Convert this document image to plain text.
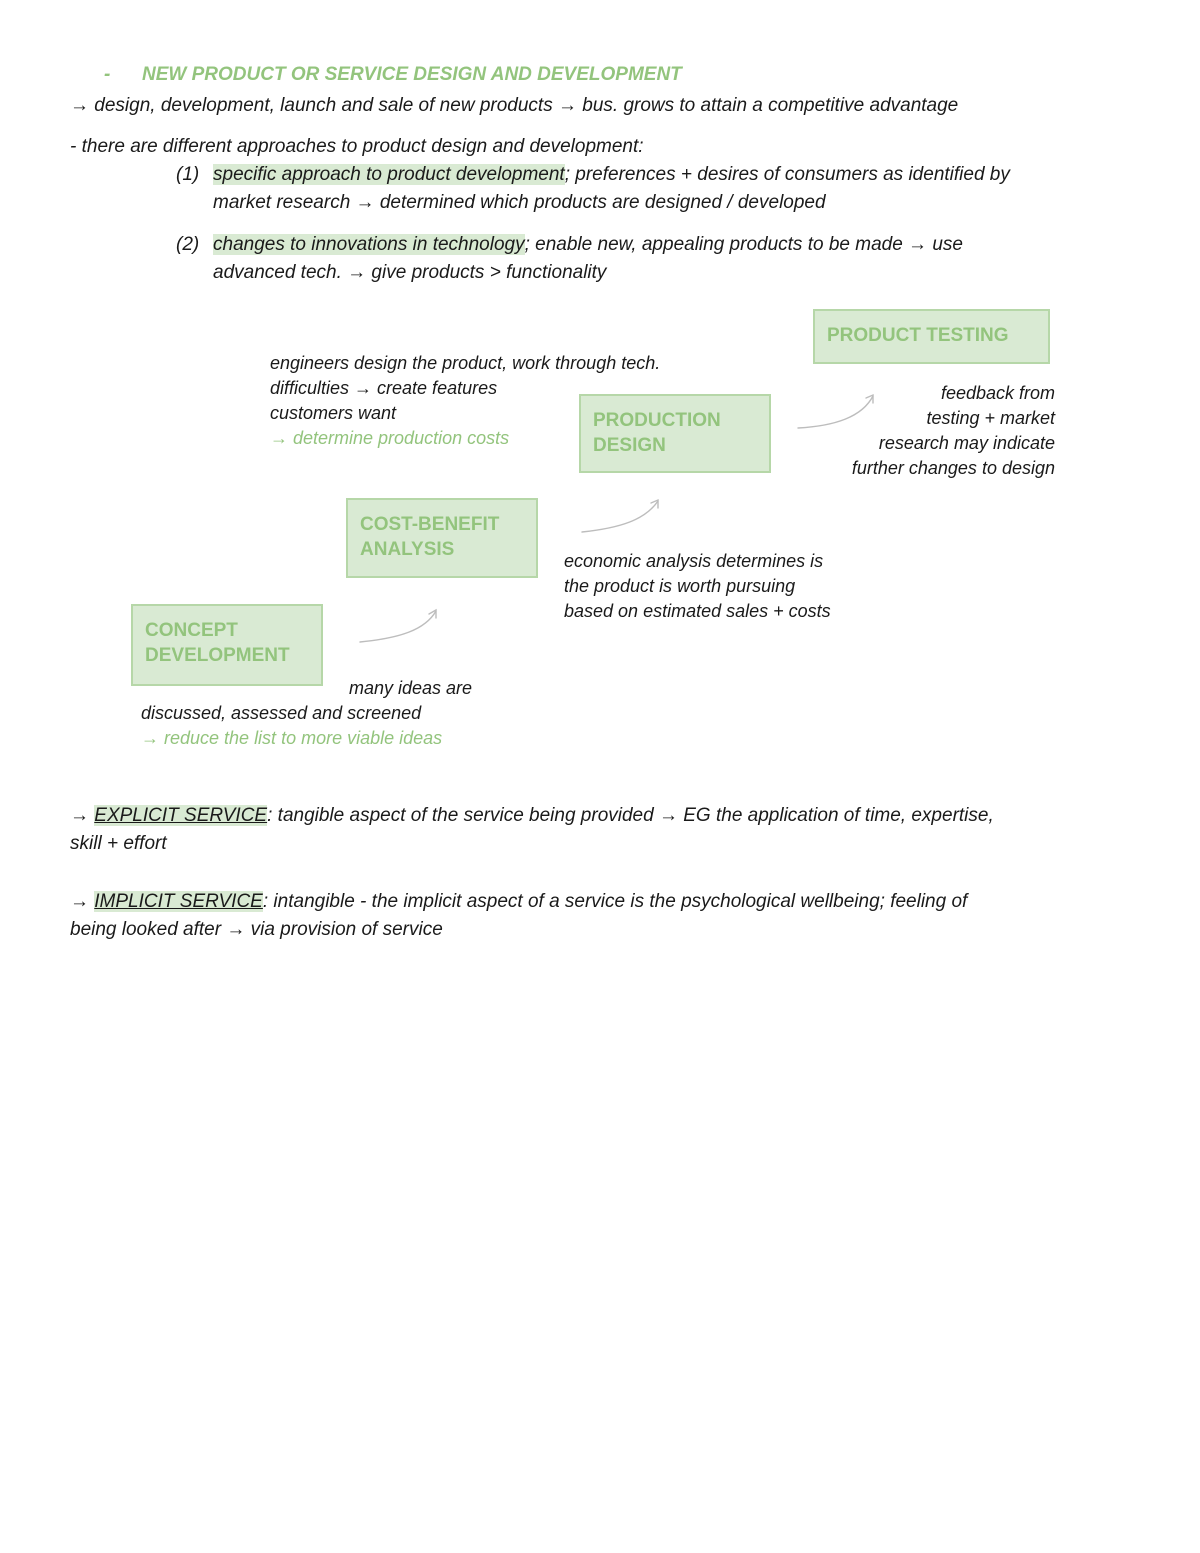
- NEW PRODUCT OR SERVICE DESIGN AND DEVELOPMENT
→ design, development, launch and sale of new products → bus. grows to attain a competitive advantage
- there are different approaches to product design and development:
(1) specific approach to product development; preferences + desires of consumers as identified by
market research → determined which products are designed / developed
(2) changes to innovations in technology; enable new, appealing products to be made → use
advanced tech. → give products > functionality
CONCEPT
DEVELOPMENT
COST-BENEFIT
ANALYSIS
PRODUCTION
DESIGN
PRODUCT TESTING
engineers design the product, work through tech.
difficulties → create features
customers want
→ determine production costs
feedback from
testing + market
research may indicate
further changes to design
economic analysis determines is
the product is worth pursuing
based on estimated sales + costs
many ideas are
discussed, assessed and screened
→ reduce the list to more viable ideas
→ EXPLICIT SERVICE: tangible aspect of the service being provided → EG the application of time, expertise,
skill + effort
→ IMPLICIT SERVICE: intangible - the implicit aspect of a service is the psychological wellbeing; feeling of
being looked after → via provision of service
